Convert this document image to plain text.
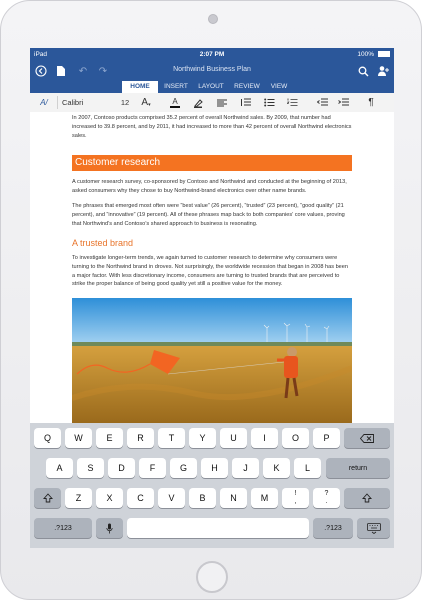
iPad	2:07 PM	100%
↶ ↷	Northwind Business Plan
HOME	INSERT	LAYOUT	REVIEW	VIEW
A/	Calibri	12 A ▾	A	¶
In 2007, Contoso products comprised 35.2 percent of overall Northwind sales. By 2009, that number had increased to 39.8 percent, and by 2011, it had increased to more than 42 percent of overall Northwind electronics sales.
Customer research
A customer research survey, co-sponsored by Contoso and Northwind and conducted at the beginning of 2013, asked consumers why they chose to buy Northwind-brand electronics over other name brands.
The phrases that emerged most often were “best value” (26 percent), “trusted” (23 percent), “good quality” (21 percent), and “innovative” (19 percent). All of these phrases map back to both companies’ core values, proving that Northwind’s and Contoso’s shared approach to business is resonating.
A trusted brand
To investigate longer-term trends, we again turned to customer research to determine why consumers were turning to the Northwind brand in droves. Not surprisingly, the worldwide recession that began in 2008 has been a major factor. With less discretionary income, consumers are turning to trusted brands that are perceived to strike the proper balance of being good quality yet still a positive value for the money.
Q	W	E	R	T	Y	U	I	O	P
A	S	D	F	G	H	J	K	L	return
Z	X	C	V	B	N	M	!
,
?
.
.?123	.?123
